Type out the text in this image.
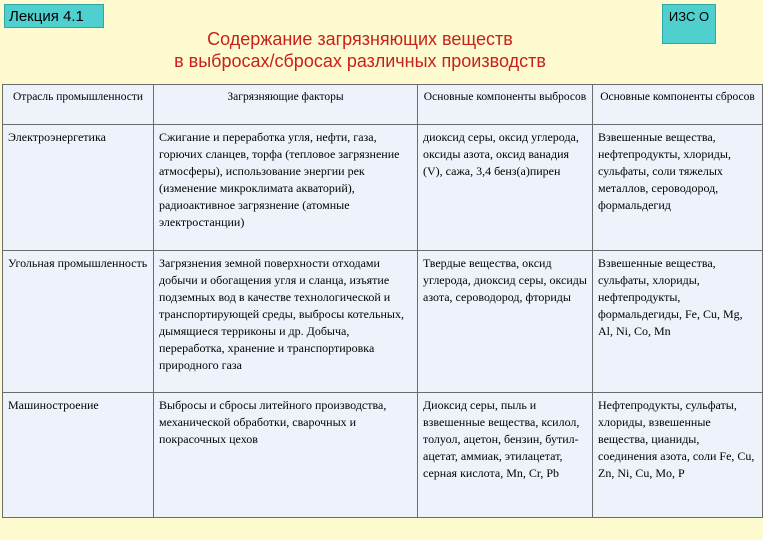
Лекция 4.1	ИЗС О
Содержание загрязняющих веществ
в выбросах/сбросах различных производств
Отрасль промышленности	Загрязняющие факторы	Основные компоненты выбросов	Основные компоненты сбросов
Электроэнергетика	Сжигание и переработка угля, нефти, газа, горючих сланцев, торфа (тепловое загрязнение атмосферы), использование энергии рек (изменение микроклимата акваторий), радиоактивное загрязнение (атомные электростанции)	диоксид серы, оксид углерода, оксиды азота, оксид ванадия (V), сажа, 3,4 бенз(а)пирен	Взвешенные вещества, нефтепродукты, хлориды, сульфаты, соли тяжелых металлов, сероводород, формальдегид
Угольная промышленность	Загрязнения земной поверхности отходами добычи и обогащения угля и сланца, изъятие подземных вод в качестве технологической и транспортирующей среды, выбросы котельных, дымящиеся терриконы и др. Добыча, переработка, хранение и транспортировка природного газа	Твердые вещества, оксид углерода, диоксид серы, оксиды азота, сероводород, фториды	Взвешенные вещества, сульфаты, хлориды, нефтепродукты, формальдегиды, Fe, Cu, Mg, Al, Ni, Co, Mn
Машиностроение	Выбросы и сбросы литейного производства, механической обработки, сварочных и покрасочных цехов	Диоксид серы, пыль и взвешенные вещества, ксилол, толуол, ацетон, бензин, бутил-ацетат, аммиак, этилацетат, серная кислота, Mn, Cr, Pb	Нефтепродукты, сульфаты, хлориды, взвешенные вещества, цианиды, соединения азота, соли Fe, Cu, Zn, Ni, Cu, Mo, P
